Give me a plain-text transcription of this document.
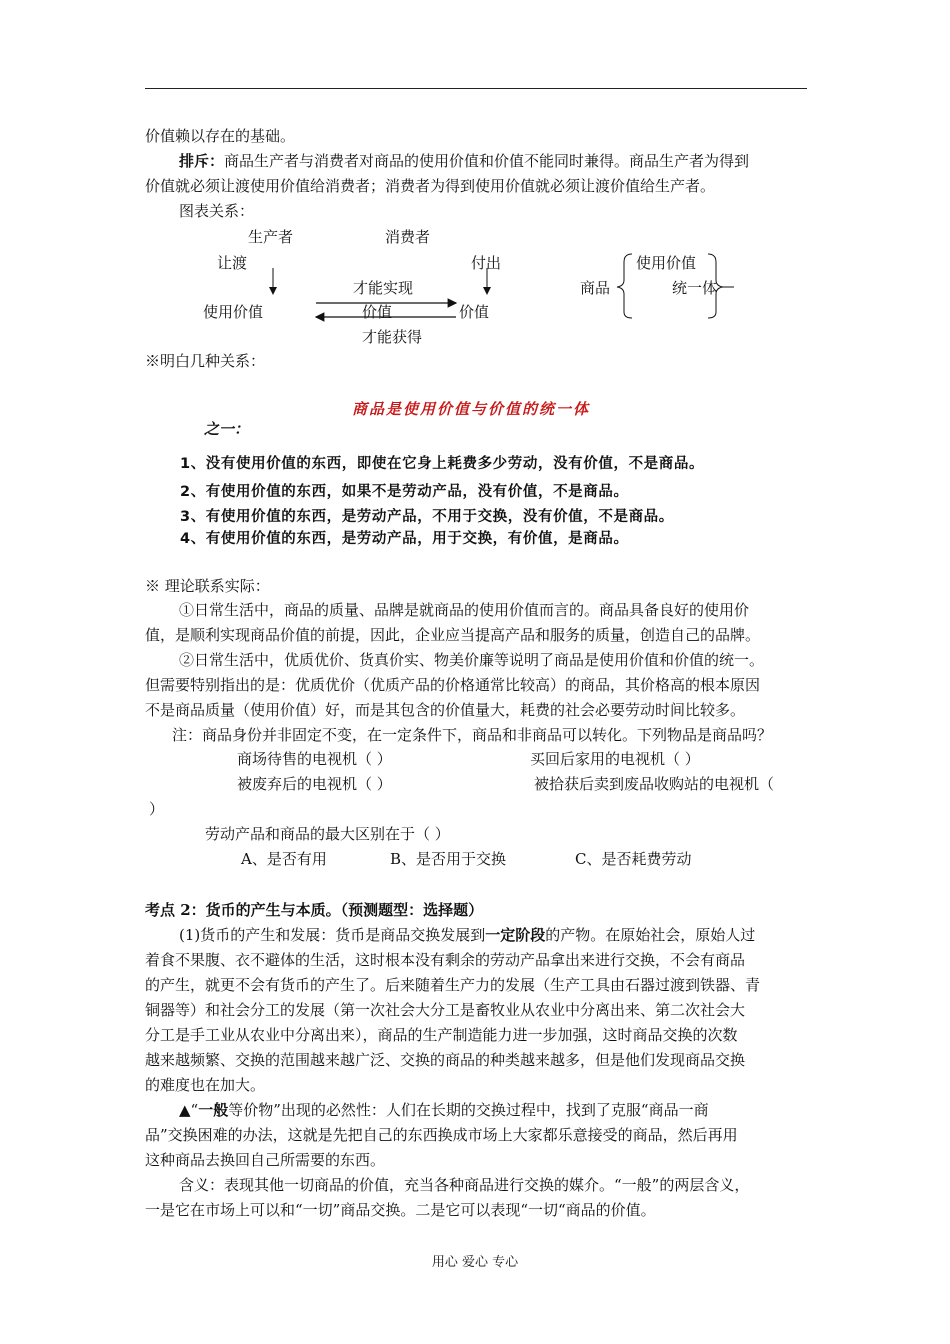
价值赖以存在的基础。
排斥：商品生产者与消费者对商品的使用价值和价值不能同时兼得。商品生产者为得到
价值就必须让渡使用价值给消费者；消费者为得到使用价值就必须让渡价值给生产者。
图表关系：
生产者	消费者
让渡	付出
才能实现
使用价值	价值	价值
才能获得
商品
使用价值
统一体
※明白几种关系：
商品是使用价值与价值的统一体
之一：
1、没有使用价值的东西，即使在它身上耗费多少劳动，没有价值，不是商品。
2、有使用价值的东西，如果不是劳动产品，没有价值，不是商品。
3、有使用价值的东西，是劳动产品，不用于交换，没有价值，不是商品。
4、有使用价值的东西，是劳动产品，用于交换，有价值，是商品。
※ 理论联系实际：
①日常生活中，商品的质量、品牌是就商品的使用价值而言的。商品具备良好的使用价
值，是顺利实现商品价值的前提，因此，企业应当提高产品和服务的质量，创造自己的品牌。
②日常生活中，优质优价、货真价实、物美价廉等说明了商品是使用价值和价值的统一。
但需要特别指出的是：优质优价（优质产品的价格通常比较高）的商品，其价格高的根本原因
不是商品质量（使用价值）好，而是其包含的价值量大，耗费的社会必要劳动时间比较多。
注：商品身份并非固定不变，在一定条件下，商品和非商品可以转化。下列物品是商品吗？
商场待售的电视机（ ）	买回后家用的电视机（ ）
被废弃后的电视机（ ）	被拾获后卖到废品收购站的电视机（
）
劳动产品和商品的最大区别在于（ ）
A、是否有用	B、是否用于交换	C、是否耗费劳动
考点 2：货币的产生与本质。（预测题型：选择题）
(1)货币的产生和发展：货币是商品交换发展到一定阶段的产物。在原始社会，原始人过
着食不果腹、衣不避体的生活，这时根本没有剩余的劳动产品拿出来进行交换，不会有商品
的产生，就更不会有货币的产生了。后来随着生产力的发展（生产工具由石器过渡到铁器、青
铜器等）和社会分工的发展（第一次社会大分工是畜牧业从农业中分离出来、第二次社会大
分工是手工业从农业中分离出来），商品的生产制造能力进一步加强，这时商品交换的次数
越来越频繁、交换的范围越来越广泛、交换的商品的种类越来越多，但是他们发现商品交换
的难度也在加大。
▲“一般等价物”出现的必然性：人们在长期的交换过程中，找到了克服“商品一商
品”交换困难的办法，这就是先把自己的东西换成市场上大家都乐意接受的商品，然后再用
这种商品去换回自己所需要的东西。
含义：表现其他一切商品的价值，充当各种商品进行交换的媒介。“一般”的两层含义，
一是它在市场上可以和“一切”商品交换。二是它可以表现“一切“商品的价值。
用心 爱心 专心
